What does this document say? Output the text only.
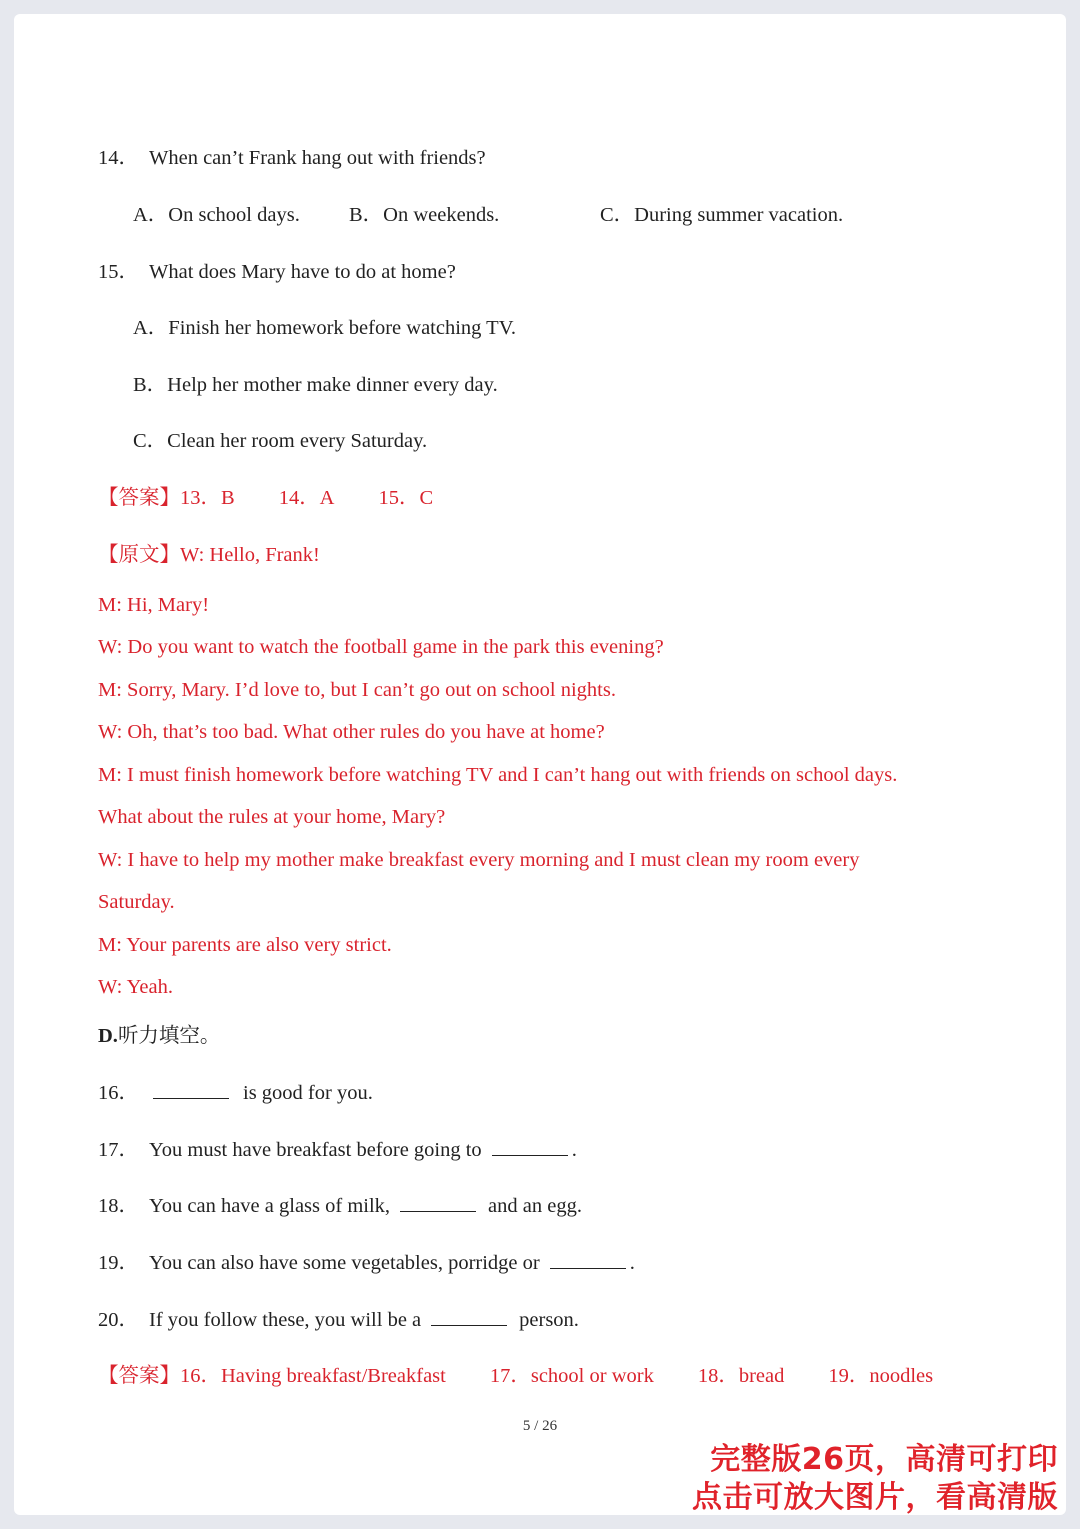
14． When can’t Frank hang out with friends?
A．On school days. B．On weekends.	C．During summer vacation.
15． What does Mary have to do at home?
A．Finish her homework before watching TV.
B．Help her mother make dinner every day.
C．Clean her room every Saturday.
【答案】13．B 14．A 15．C
【原文】W: Hello, Frank!
M: Hi, Mary!
W: Do you want to watch the football game in the park this evening?
M: Sorry, Mary. I’d love to, but I can’t go out on school nights.
W: Oh, that’s too bad. What other rules do you have at home?
M: I must finish homework before watching TV and I can’t hang out with friends on school days.
What about the rules at your home, Mary?
W: I have to help my mother make breakfast every morning and I must clean my room every
Saturday.
M: Your parents are also very strict.
W: Yeah.
D.听力填空。
16．	is good for you.
17． You must have breakfast before going to	.
18． You can have a glass of milk,	and an egg.
19． You can also have some vegetables, porridge or	.
20． If you follow these, you will be a	person.
【答案】16．Having breakfast/Breakfast 17．school or work 18．bread 19．noodles
5 / 26
完整版26页，高清可打印
点击可放大图片，看高清版
